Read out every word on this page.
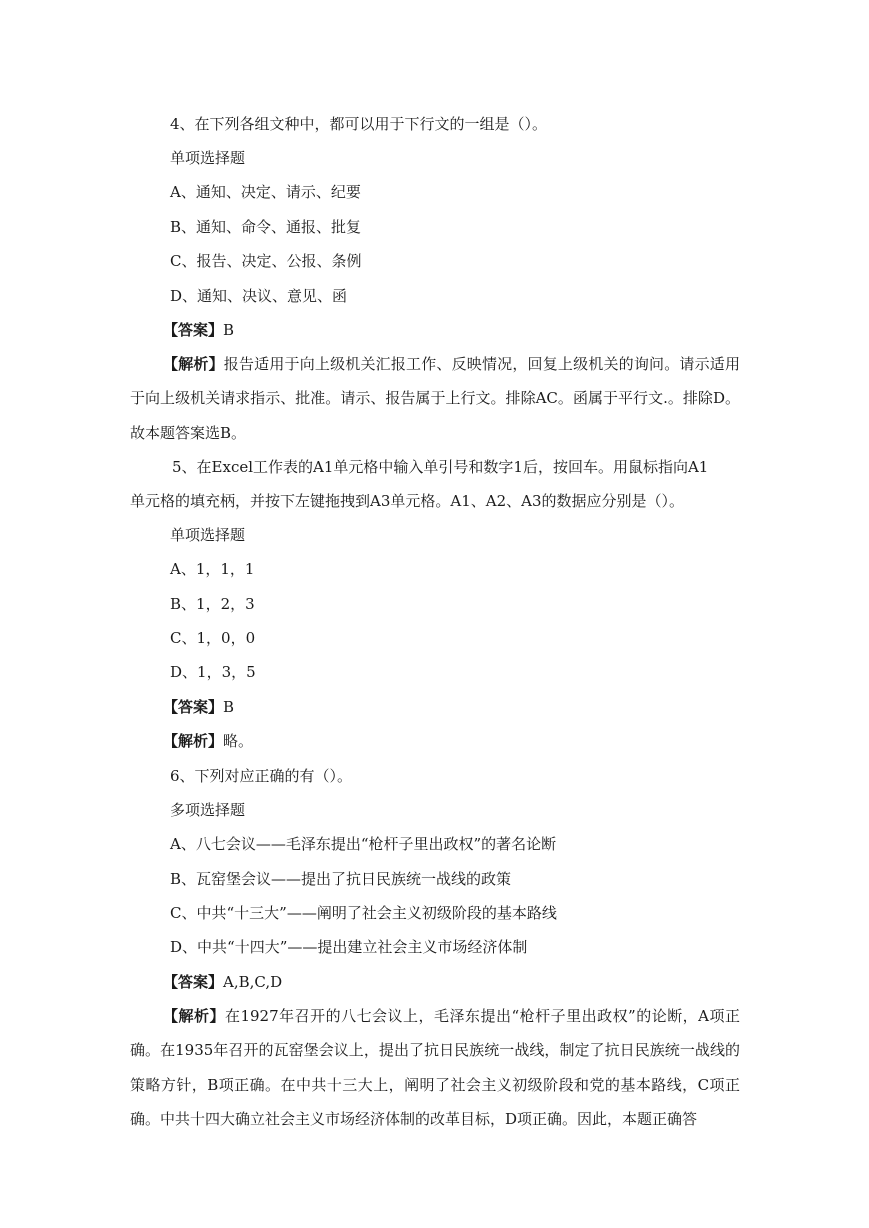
4、在下列各组文种中，都可以用于下行文的一组是（）。
单项选择题
A、通知、决定、请示、纪要
B、通知、命令、通报、批复
C、报告、决定、公报、条例
D、通知、决议、意见、函
【答案】B
【解析】报告适用于向上级机关汇报工作、反映情况，回复上级机关的询问。请示适用于向上级机关请求指示、批准。请示、报告属于上行文。排除AC。函属于平行文.。排除D。故本题答案选B。
5、在Excel工作表的A1单元格中输入单引号和数字1后，按回车。用鼠标指向A1
单元格的填充柄，并按下左键拖拽到A3单元格。A1、A2、A3的数据应分别是（）。
单项选择题
A、1，1，1
B、1，2，3
C、1，0，0
D、1，3，5
【答案】B
【解析】略。
6、下列对应正确的有（）。
多项选择题
A、八七会议——毛泽东提出“枪杆子里出政权”的著名论断
B、瓦窑堡会议——提出了抗日民族统一战线的政策
C、中共“十三大”——阐明了社会主义初级阶段的基本路线
D、中共“十四大”——提出建立社会主义市场经济体制
【答案】A,B,C,D
【解析】在1927年召开的八七会议上，毛泽东提出“枪杆子里出政权”的论断，A项正确。在1935年召开的瓦窑堡会议上，提出了抗日民族统一战线，制定了抗日民族统一战线的策略方针，B项正确。在中共十三大上，阐明了社会主义初级阶段和党的基本路线，C项正确。中共十四大确立社会主义市场经济体制的改革目标，D项正确。因此，本题正确答
